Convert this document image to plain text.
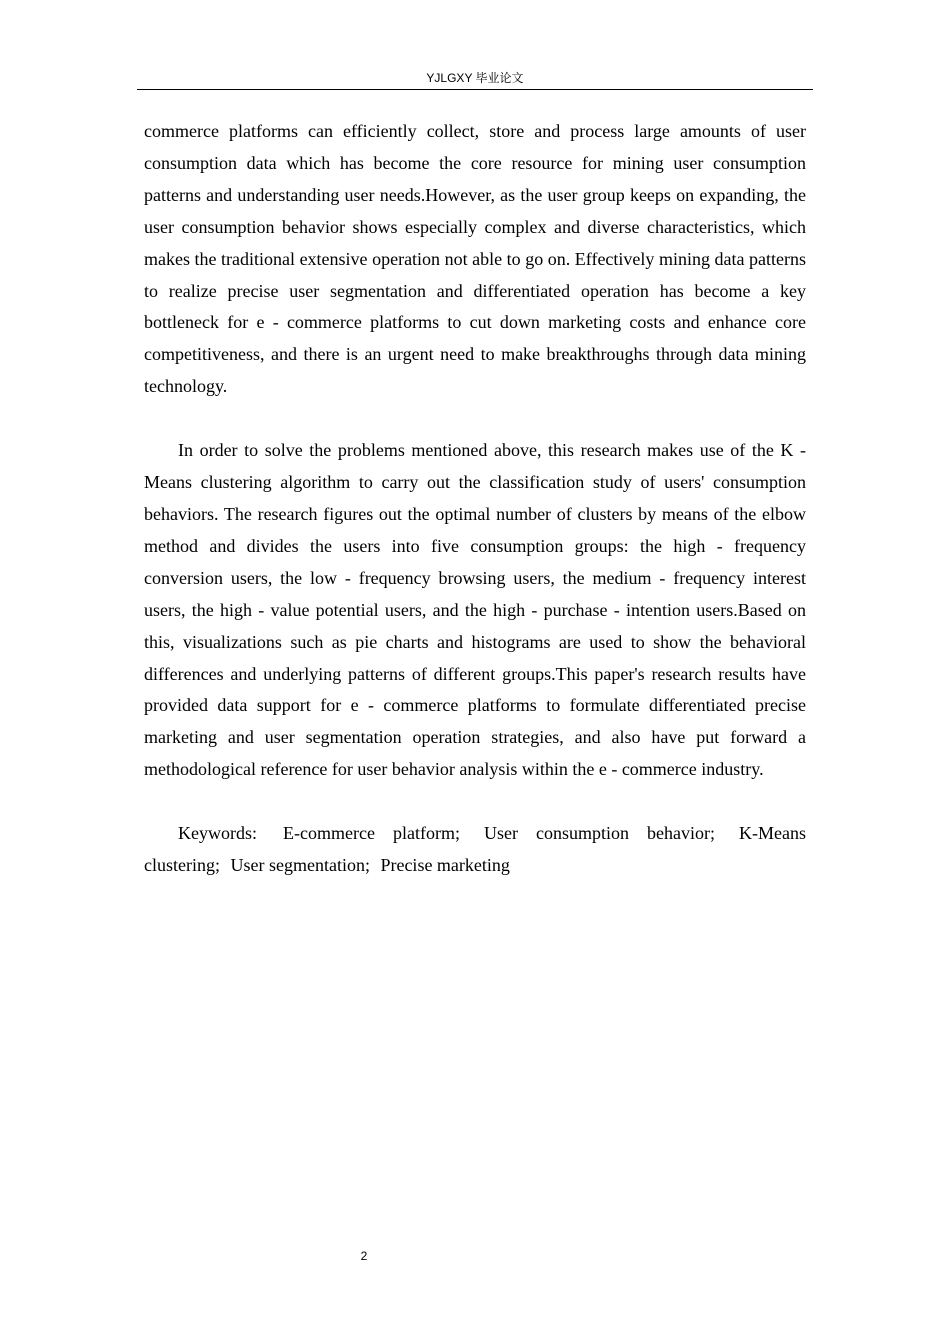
YJLGXY 毕业论文

commerce platforms can efficiently collect, store and process large amounts of user consumption data which has become the core resource for mining user consumption patterns and understanding user needs.However, as the user group keeps on expanding, the user consumption behavior shows especially complex and diverse characteristics, which makes the traditional extensive operation not able to go on. Effectively mining data patterns to realize precise user segmentation and differentiated operation has become a key bottleneck for e - commerce platforms to cut down marketing costs and enhance core competitiveness, and there is an urgent need to make breakthroughs through data mining technology.

In order to solve the problems mentioned above, this research makes use of the K - Means clustering algorithm to carry out the classification study of users' consumption behaviors. The research figures out the optimal number of clusters by means of the elbow method and divides the users into five consumption groups: the high - frequency conversion users, the low - frequency browsing users, the medium - frequency interest users, the high - value potential users, and the high - purchase - intention users.Based on this, visualizations such as pie charts and histograms are used to show the behavioral differences and underlying patterns of different groups.This paper's research results have provided data support for e - commerce platforms to formulate differentiated precise marketing and user segmentation operation strategies, and also have put forward a methodological reference for user behavior analysis within the e - commerce industry.

Keywords: E-commerce platform; User consumption behavior; K-Means clustering; User segmentation; Precise marketing

2
